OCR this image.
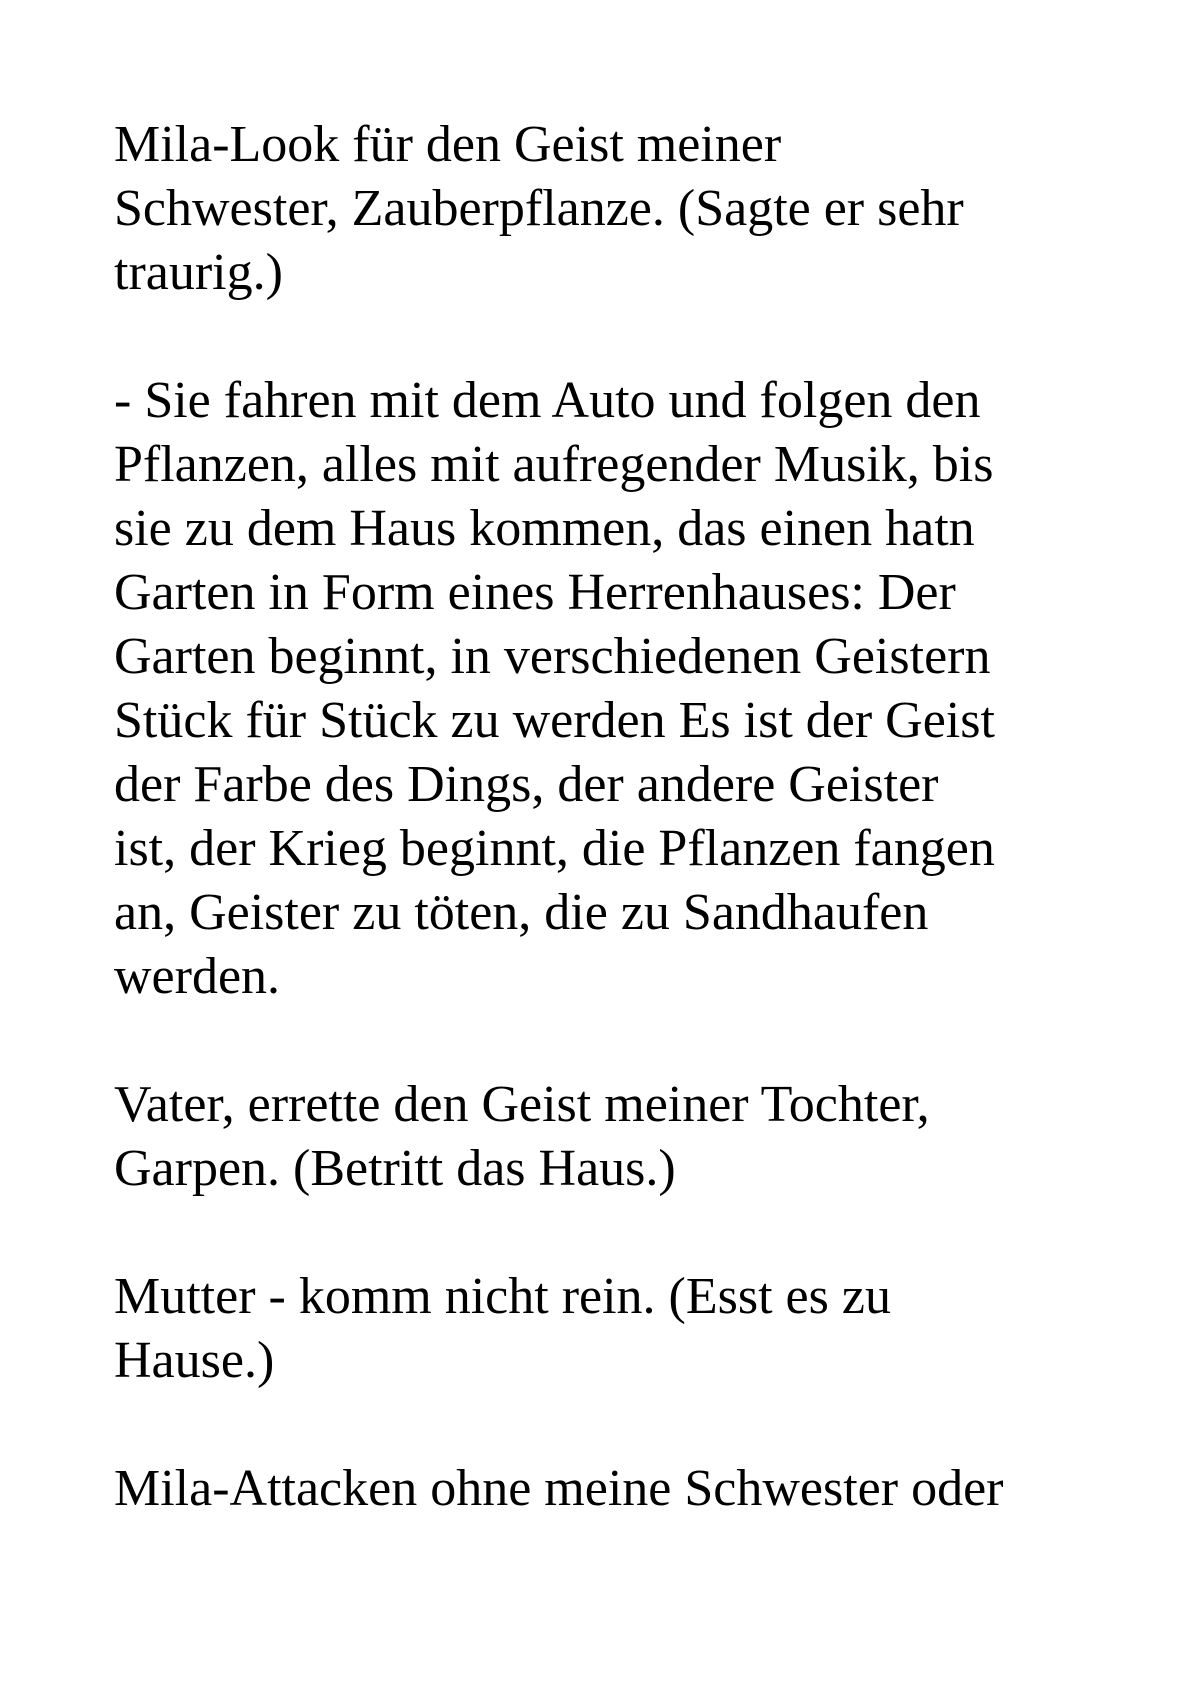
Mila-Look für den Geist meiner
Schwester, Zauberpflanze. (Sagte er sehr
traurig.)

- Sie fahren mit dem Auto und folgen den
Pflanzen, alles mit aufregender Musik, bis
sie zu dem Haus kommen, das einen hatn
Garten in Form eines Herrenhauses: Der
Garten beginnt, in verschiedenen Geistern
Stück für Stück zu werden Es ist der Geist
der Farbe des Dings, der andere Geister
ist, der Krieg beginnt, die Pflanzen fangen
an, Geister zu töten, die zu Sandhaufen
werden.

Vater, errette den Geist meiner Tochter,
Garpen. (Betritt das Haus.)

Mutter - komm nicht rein. (Esst es zu
Hause.)

Mila-Attacken ohne meine Schwester oder
